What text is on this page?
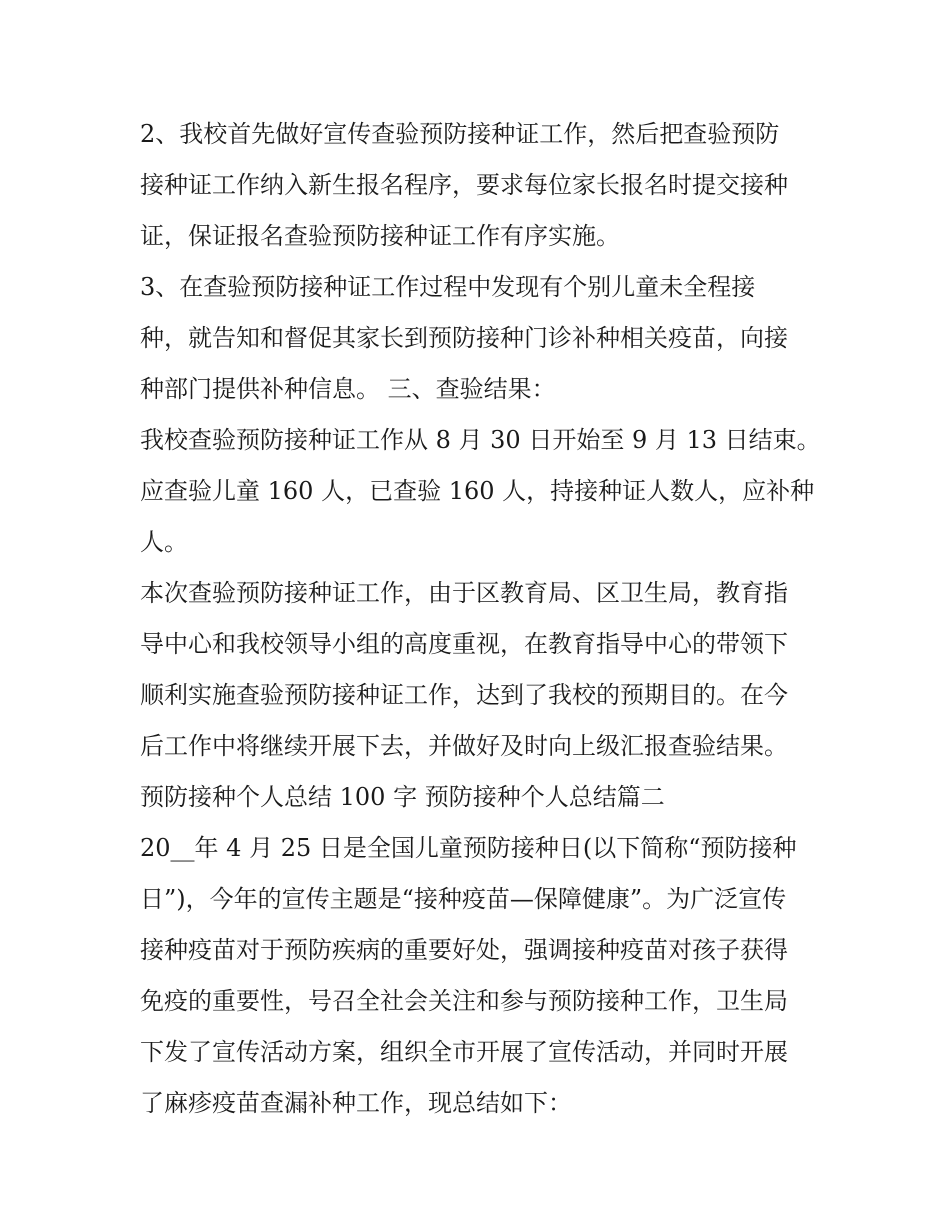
2、我校首先做好宣传查验预防接种证工作，然后把查验预防

接种证工作纳入新生报名程序，要求每位家长报名时提交接种

证，保证报名查验预防接种证工作有序实施。

3、在查验预防接种证工作过程中发现有个别儿童未全程接

种，就告知和督促其家长到预防接种门诊补种相关疫苗，向接

种部门提供补种信息。 三、查验结果：

我校查验预防接种证工作从 8 月 30 日开始至 9 月 13 日结束。

应查验儿童 160 人，已查验 160 人，持接种证人数人，应补种

人。

本次查验预防接种证工作，由于区教育局、区卫生局，教育指

导中心和我校领导小组的高度重视，在教育指导中心的带领下

顺利实施查验预防接种证工作，达到了我校的预期目的。在今

后工作中将继续开展下去，并做好及时向上级汇报查验结果。

预防接种个人总结 100 字 预防接种个人总结篇二

20__年 4 月 25 日是全国儿童预防接种日(以下简称“预防接种

日”)，今年的宣传主题是“接种疫苗—保障健康”。为广泛宣传

接种疫苗对于预防疾病的重要好处，强调接种疫苗对孩子获得

免疫的重要性，号召全社会关注和参与预防接种工作，卫生局

下发了宣传活动方案，组织全市开展了宣传活动，并同时开展

了麻疹疫苗查漏补种工作，现总结如下：
